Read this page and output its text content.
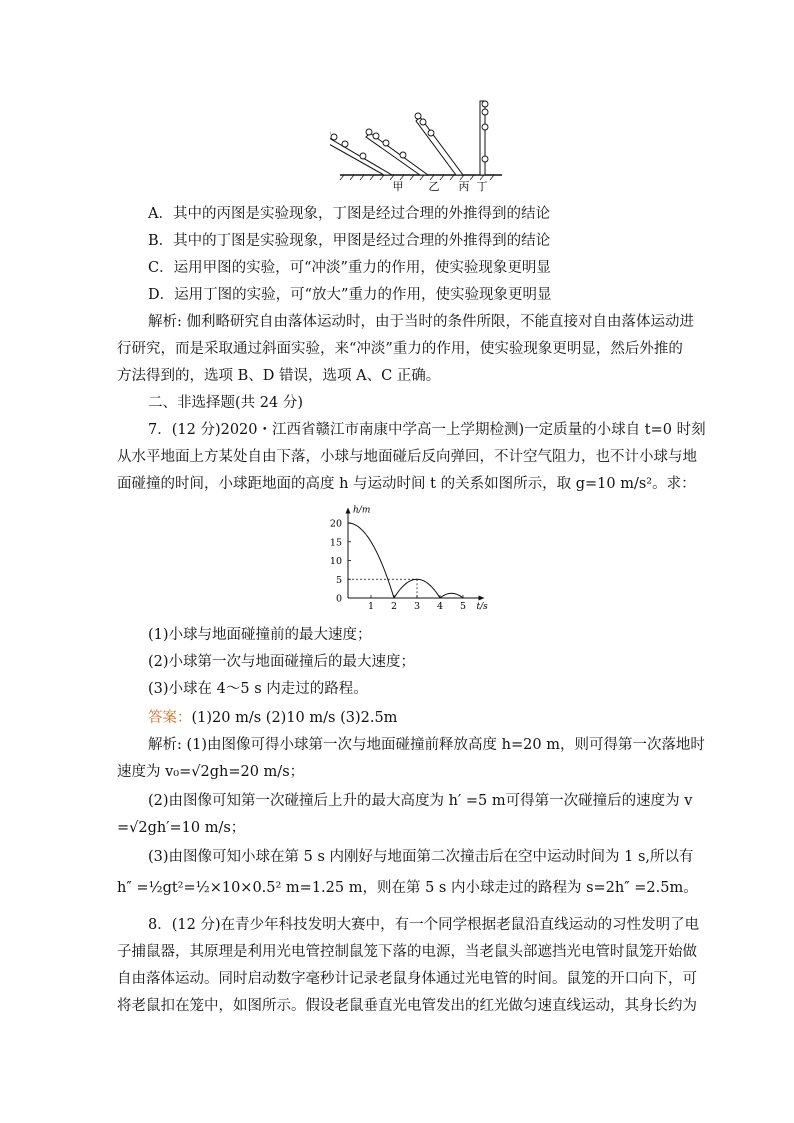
甲 乙 丙 丁
A．其中的丙图是实验现象，丁图是经过合理的外推得到的结论
B．其中的丁图是实验现象，甲图是经过合理的外推得到的结论
C．运用甲图的实验，可“冲淡”重力的作用，使实验现象更明显
D．运用丁图的实验，可“放大”重力的作用，使实验现象更明显
解析: 伽利略研究自由落体运动时，由于当时的条件所限，不能直接对自由落体运动进
行研究，而是采取通过斜面实验，来“冲淡”重力的作用，使实验现象更明显，然后外推的
方法得到的，选项 B、D 错误，选项 A、C 正确。
二、非选择题(共 24 分)
7．(12 分)2020・江西省赣江市南康中学高一上学期检测)一定质量的小球自 t=0 时刻
从水平地面上方某处自由下落，小球与地面碰后反向弹回，不计空气阻力，也不计小球与地
面碰撞的时间，小球距地面的高度 h 与运动时间 t 的关系如图所示，取 g=10 m/s²。求：
h/m
t/s
1 2 3 4 5
0
5
10
15
20
(1)小球与地面碰撞前的最大速度；
(2)小球第一次与地面碰撞后的最大速度；
(3)小球在 4～5 s 内走过的路程。
答案：(1)20 m/s (2)10 m/s (3)2.5m
解析: (1)由图像可得小球第一次与地面碰撞前释放高度 h=20 m，则可得第一次落地时
速度为 v₀=√2gh=20 m/s；
(2)由图像可知第一次碰撞后上升的最大高度为 h′ =5 m可得第一次碰撞后的速度为 v
=√2gh′=10 m/s；
(3)由图像可知小球在第 5 s 内刚好与地面第二次撞击后在空中运动时间为 1 s,所以有
h″ =½gt²=½×10×0.5² m=1.25 m，则在第 5 s 内小球走过的路程为 s=2h″ =2.5m。
8．(12 分)在青少年科技发明大赛中，有一个同学根据老鼠沿直线运动的习性发明了电
子捕鼠器，其原理是利用光电管控制鼠笼下落的电源，当老鼠头部遮挡光电管时鼠笼开始做
自由落体运动。同时启动数字毫秒计记录老鼠身体通过光电管的时间。鼠笼的开口向下，可
将老鼠扣在笼中，如图所示。假设老鼠垂直光电管发出的红光做匀速直线运动，其身长约为
